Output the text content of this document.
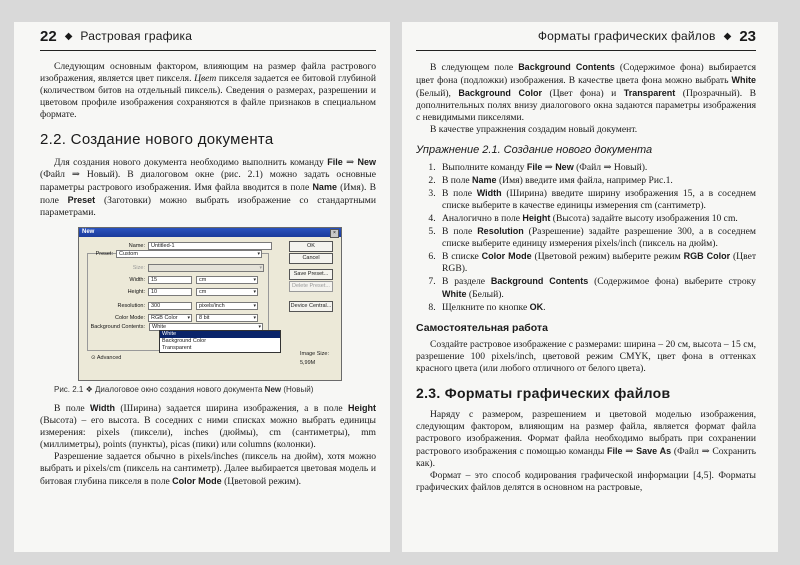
22 ◆ Растровая графика

Следующим основным фактором, влияющим на размер файла растрового изображения, является цвет пикселя. Цвет пикселя задается ее битовой глубиной (количеством битов на отдельный пиксель). Сведения о размерах, разрешении и цветовом профиле изображения сохраняются в файле признаков в специальном формате.

2.2. Создание нового документа

Для создания нового документа необходимо выполнить команду File ⇒ New (Файл ⇒ Новый). В диалоговом окне (рис. 2.1) можно задать основные параметры растрового изображения. Имя файла вводится в поле Name (Имя). В поле Preset (Заготовки) можно выбрать изображение со стандартными параметрами.

New	×
Name:	Untitled-1
Preset:	Custom ▾
Size:
▾
Width:	15	cm ▾
Height:	10	cm ▾
Resolution:	300	pixels/inch ▾
Color Mode:	RGB Color ▾	8 bit ▾
Background Contents:	White ▾
White
Background Color
Transparent
⊙ Advanced
OK
Cancel
Save Preset...
Delete Preset...
Device Central...
Image Size:
5,99M
Рис. 2.1 ❖ Диалоговое окно создания нового документа New (Новый)

В поле Width (Ширина) задается ширина изображения, а в поле Height (Высота) – его высота. В соседних с ними списках можно выбрать единицы измерения: pixels (пиксели), inches (дюймы), cm (сантиметры), mm (миллиметры), points (пункты), picas (пики) или columns (колонки).

Разрешение задается обычно в pixels/inches (пиксель на дюйм), хотя можно выбрать и pixels/cm (пиксель на сантиметр). Далее выбирается цветовая модель и битовая глубина пикселя в поле Color Mode (Цветовой режим).

Форматы графических файлов ◆ 23

В следующем поле Background Contents (Содержимое фона) выбирается цвет фона (подложки) изображения. В качестве цвета фона можно выбрать White (Белый), Background Color (Цвет фона) и Transparent (Прозрачный). В дополнительных полях внизу диалогового окна задаются параметры изображения с невидимыми пикселями.

В качестве упражнения создадим новый документ.

Упражнение 2.1. Создание нового документа
1. Выполните команду File ⇒ New (Файл ⇒ Новый).
2. В поле Name (Имя) введите имя файла, например Рис.1.
3. В поле Width (Ширина) введите ширину изображения 15, а в соседнем списке выберите в качестве единицы измерения cm (сантиметр).
4. Аналогично в поле Height (Высота) задайте высоту изображения 10 cm.
5. В поле Resolution (Разрешение) задайте разрешение 300, а в соседнем списке выберите единицу измерения pixels/inch (пиксель на дюйм).
6. В списке Color Mode (Цветовой режим) выберите режим RGB Color (Цвет RGB).
7. В разделе Background Contents (Содержимое фона) выберите строку White (Белый).
8. Щелкните по кнопке OK.
Самостоятельная работа

Создайте растровое изображение с размерами: ширина – 20 см, высота – 15 см, разрешение 100 pixels/inch, цветовой режим CMYK, цвет фона в оттенках красного цвета (или любого отличного от белого цвета).

2.3. Форматы графических файлов

Наряду с размером, разрешением и цветовой моделью изображения, следующим фактором, влияющим на размер файла, является формат файла растрового изображения. Формат файла необходимо выбрать при сохранении растрового изображения с помощью команды File ⇒ Save As (Файл ⇒ Сохранить как).

Формат – это способ кодирования графической информации [4,5]. Форматы графических файлов делятся в основном на растровые,
